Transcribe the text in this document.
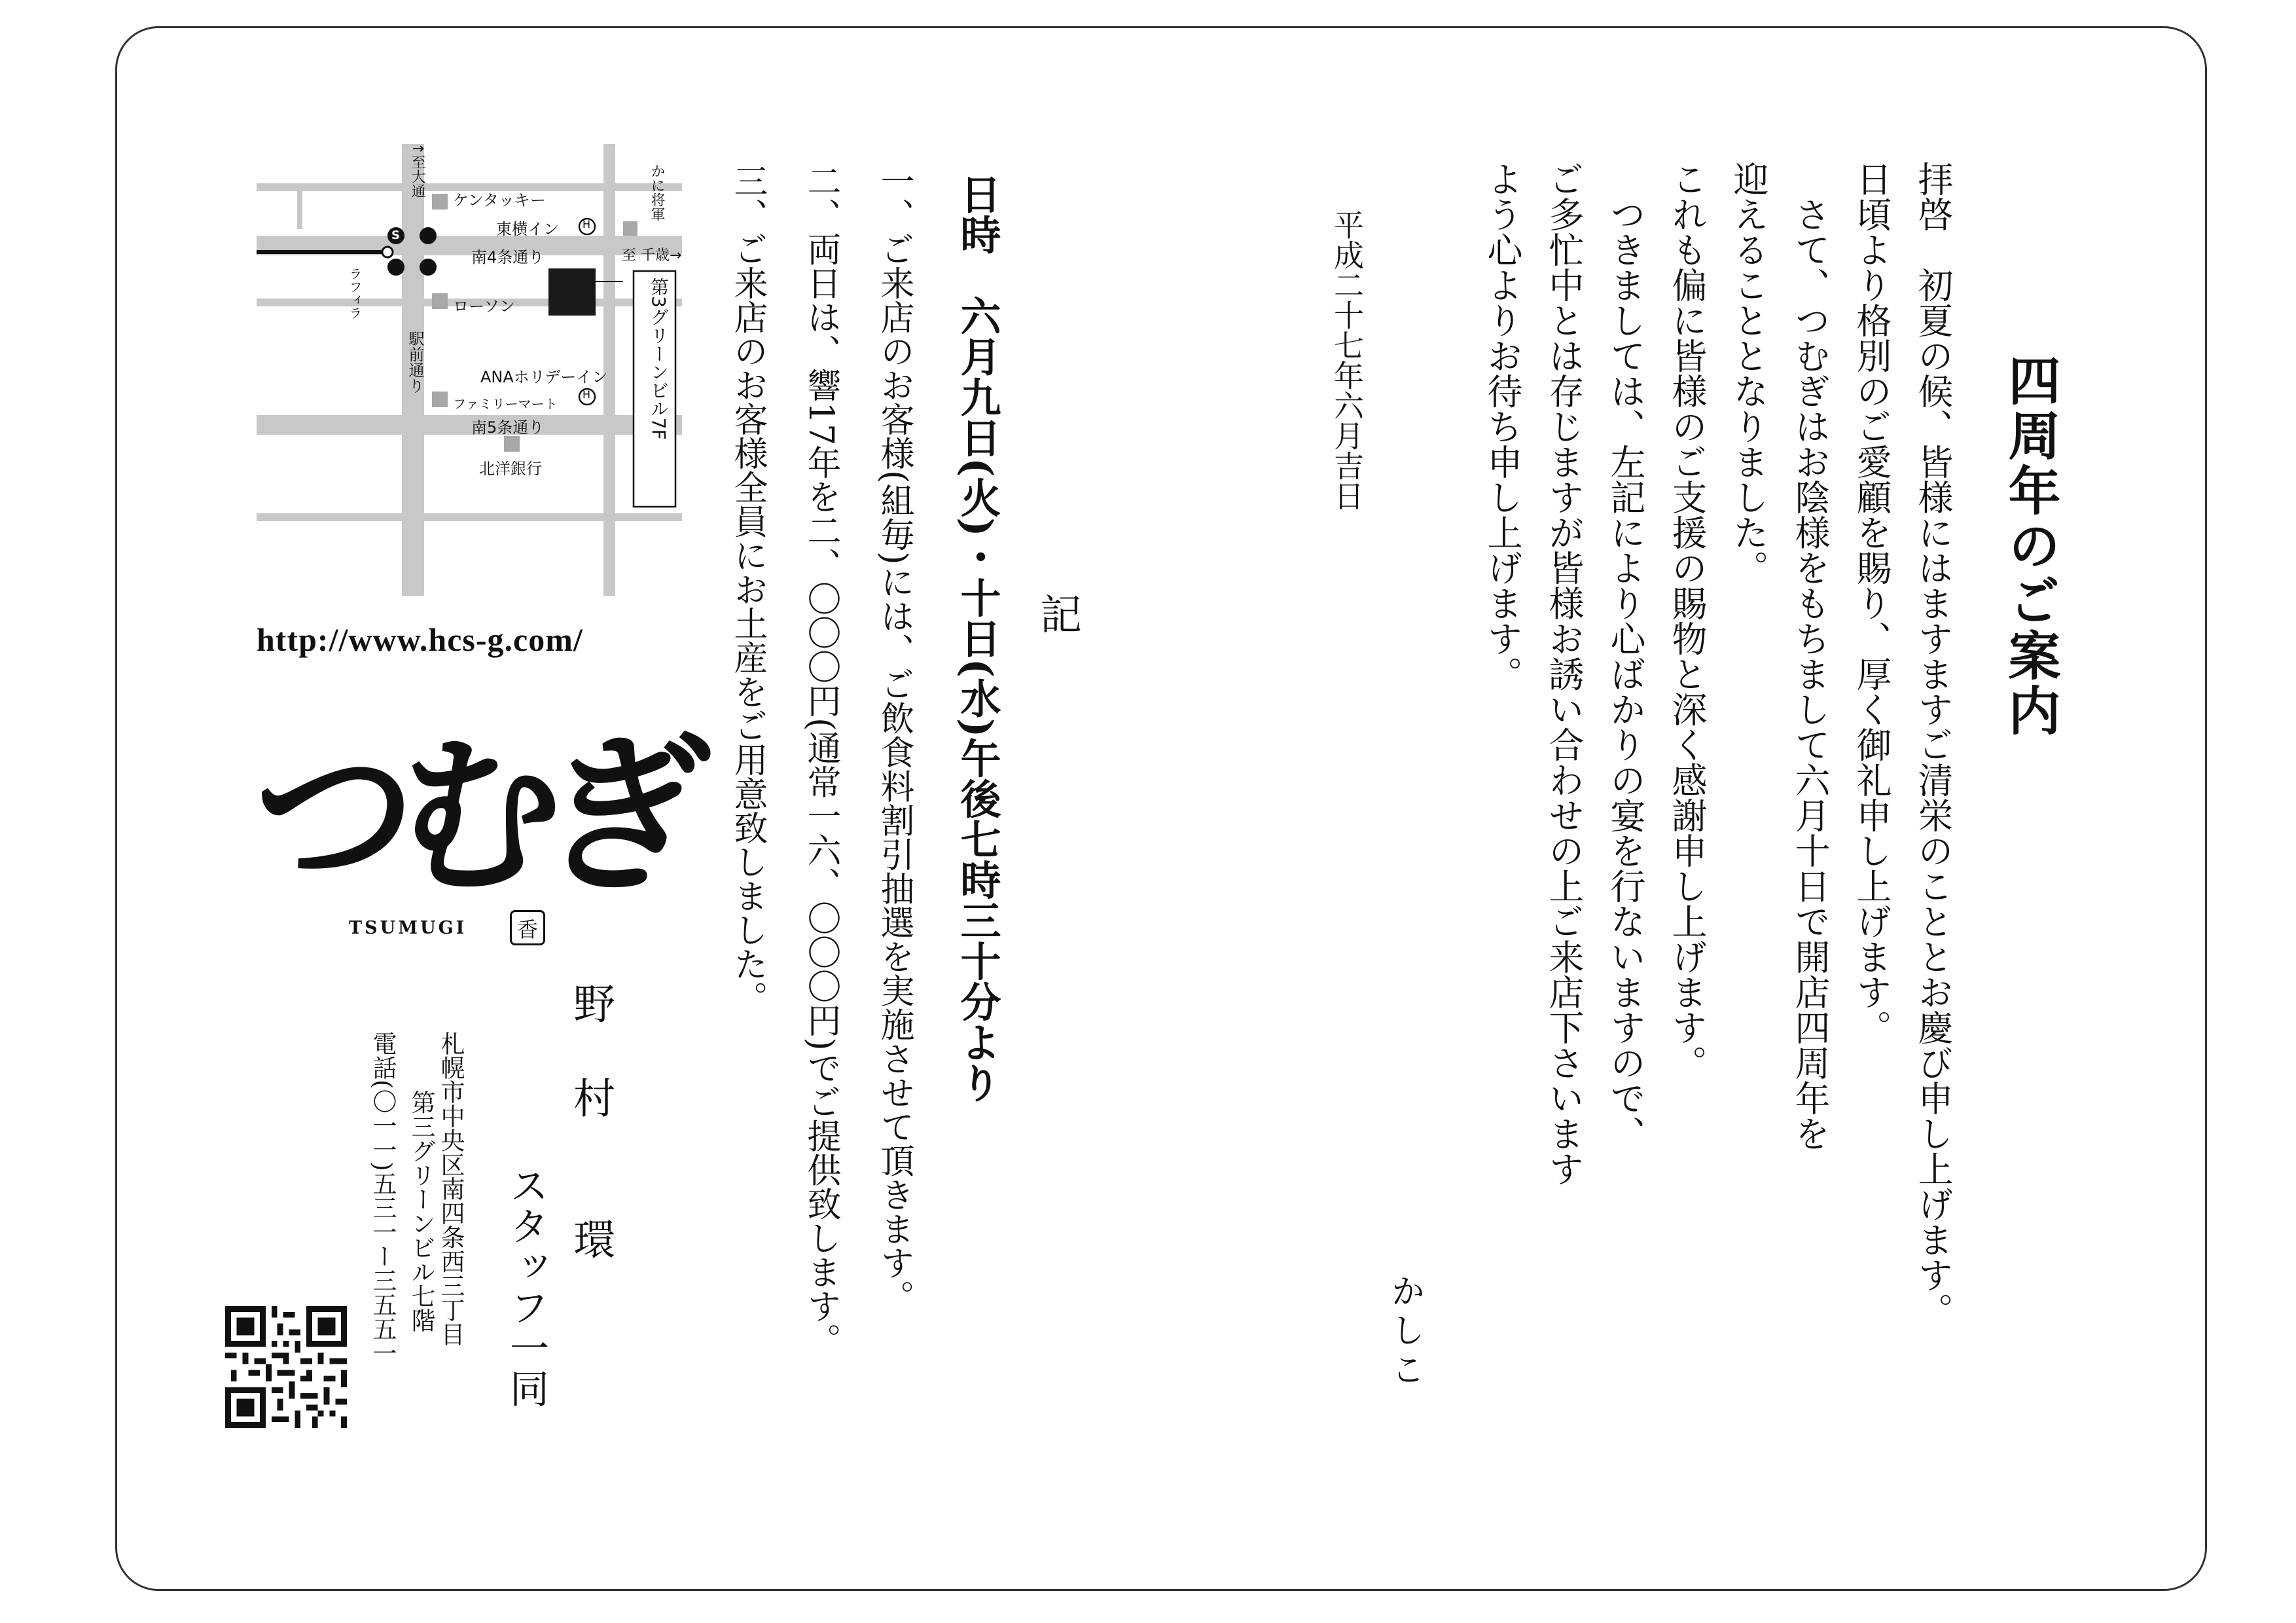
四周年のご案内
拝啓　初夏の候、皆様にはますますご清栄のこととお慶び申し上げます。
日頃より格別のご愛顧を賜り、厚く御礼申し上げます。
　さて、つむぎはお陰様をもちまして六月十日で開店四周年を
迎えることとなりました。
これも偏に皆様のご支援の賜物と深く感謝申し上げます。
　つきましては、左記により心ばかりの宴を行ないますので、
ご多忙中とは存じますが皆様お誘い合わせの上ご来店下さいます
よう心よりお待ち申し上げます。
かしこ
平成二十七年六月吉日
記
日時　六月九日(火)・十日(水)午後七時三十分より
一、ご来店のお客様(組毎)には、ご飲食料割引抽選を実施させて頂きます。
二、両日は、響17年を二、〇〇〇円(通常一六、〇〇〇円)でご提供致します。
三、ご来店のお客様全員にお土産をご用意致しました。
野　村　　環
スタッフ一同
札幌市中央区南四条西三丁目
第三グリーンビル七階
電話(〇一一)五三一ー三五五一
ケンタッキー
東横イン
南4条通り
ローソン
ANAホリデーイン
ファミリーマート
南5条通り
北洋銀行
↑至大通	かに将軍
至 千歳→
ラフィラ
駅前通り	第3グリーンビル7F
S
H
H
http://www.hcs-g.com/
つむぎ
TSUMUGI	香
